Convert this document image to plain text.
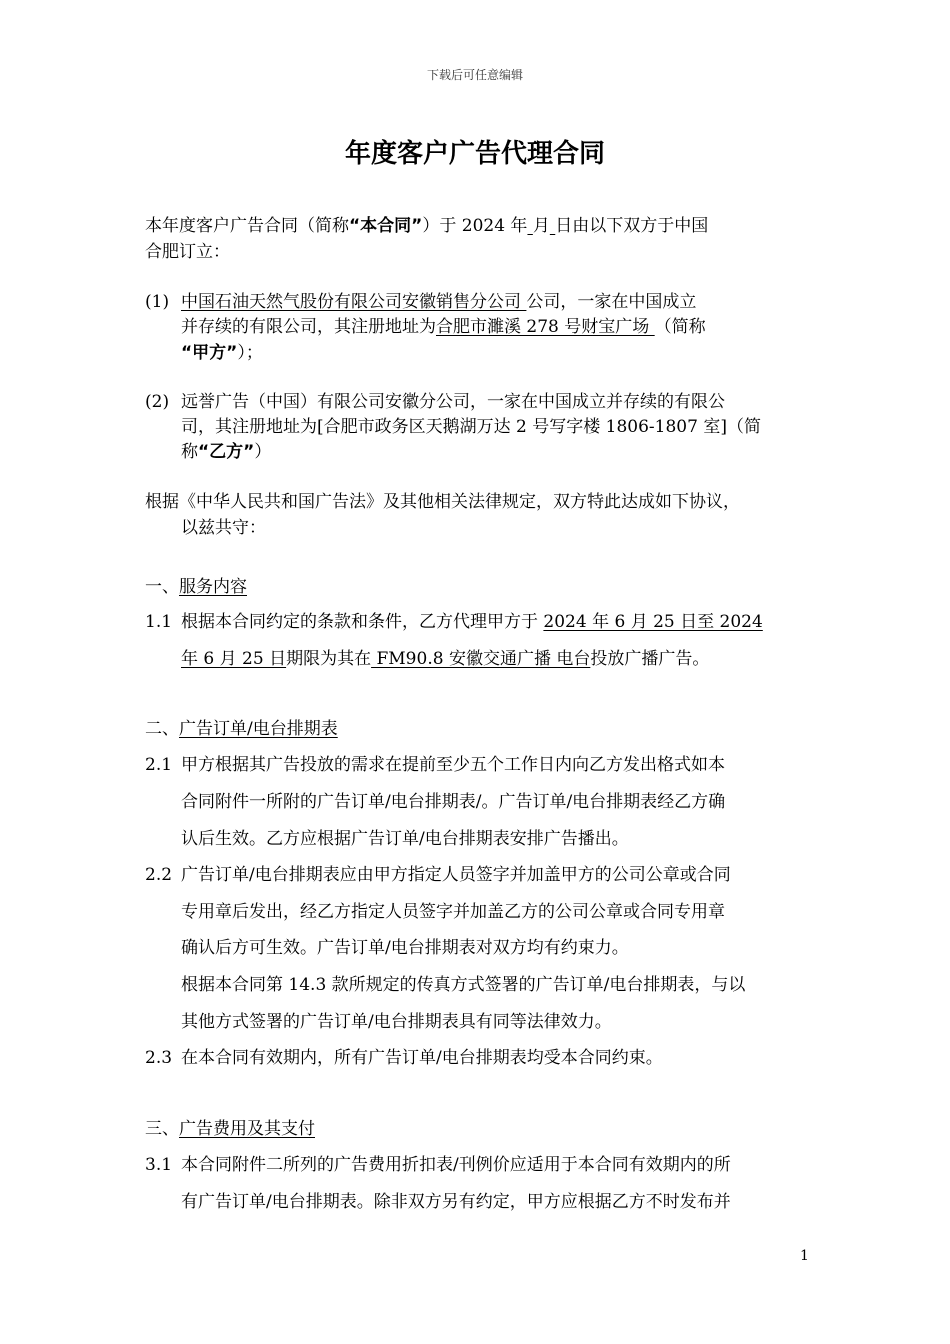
下载后可任意编辑
年度客户广告代理合同
本年度客户广告合同（简称“本合同”）于 2024 年 月 日由以下双方于中国
合肥订立：
(1) 中国石油天然气股份有限公司安徽销售分公司 公司，一家在中国成立
并存续的有限公司，其注册地址为合肥市濉溪 278 号财宝广场 （简称
“甲方”）；
(2) 远誉广告（中国）有限公司安徽分公司，一家在中国成立并存续的有限公
司，其注册地址为[合肥市政务区天鹅湖万达 2 号写字楼 1806-1807 室]（简
称“乙方”）
根据《中华人民共和国广告法》及其他相关法律规定，双方特此达成如下协议，
以兹共守：
一、服务内容
1.1 根据本合同约定的条款和条件，乙方代理甲方于 2024 年 6 月 25 日至 2024
年 6 月 25 日期限为其在 FM90.8 安徽交通广播 电台投放广播广告。
二、广告订单/电台排期表
2.1 甲方根据其广告投放的需求在提前至少五个工作日内向乙方发出格式如本
合同附件一所附的广告订单/电台排期表/。广告订单/电台排期表经乙方确
认后生效。乙方应根据广告订单/电台排期表安排广告播出。
2.2 广告订单/电台排期表应由甲方指定人员签字并加盖甲方的公司公章或合同
专用章后发出，经乙方指定人员签字并加盖乙方的公司公章或合同专用章
确认后方可生效。广告订单/电台排期表对双方均有约束力。
根据本合同第 14.3 款所规定的传真方式签署的广告订单/电台排期表，与以
其他方式签署的广告订单/电台排期表具有同等法律效力。
2.3 在本合同有效期内，所有广告订单/电台排期表均受本合同约束。
三、广告费用及其支付
3.1 本合同附件二所列的广告费用折扣表/刊例价应适用于本合同有效期内的所
有广告订单/电台排期表。除非双方另有约定，甲方应根据乙方不时发布并
1
